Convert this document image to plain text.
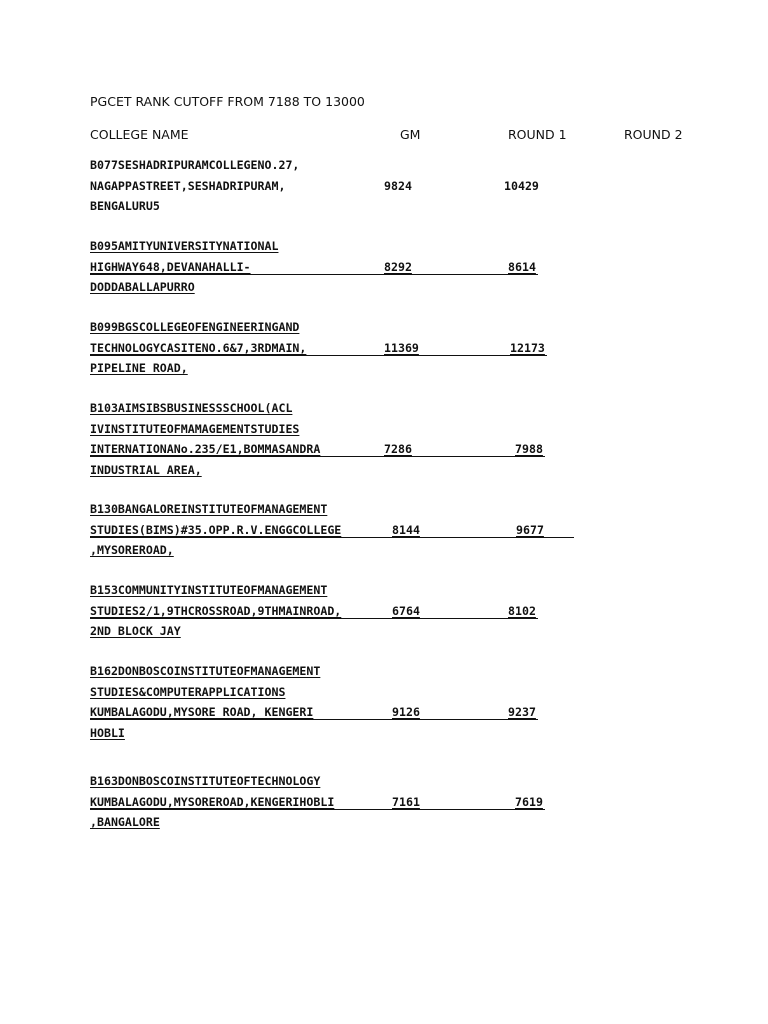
PGCET RANK CUTOFF FROM 7188 TO 13000
COLLEGE NAME	GM	ROUND 1	ROUND 2
B077SESHADRIPURAMCOLLEGENO.27,
NAGAPPASTREET,SESHADRIPURAM,	9824	10429
BENGALURU5
B095AMITYUNIVERSITYNATIONAL
HIGHWAY648,DEVANAHALLI-	8292	8614
DODDABALLAPURRO
B099BGSCOLLEGEOFENGINEERINGAND
TECHNOLOGYCASITENO.6&7,3RDMAIN,	11369	12173
PIPELINE ROAD,
B103AIMSIBSBUSINESSSCHOOL(ACL
IVINSTITUTEOFMAMAGEMENTSTUDIES
INTERNATIONANo.235/E1,BOMMASANDRA	7286	7988
INDUSTRIAL AREA,
B130BANGALOREINSTITUTEOFMANAGEMENT
STUDIES(BIMS)#35.OPP.R.V.ENGGCOLLEGE	8144	9677
,MYSOREROAD,
B153COMMUNITYINSTITUTEOFMANAGEMENT
STUDIES2/1,9THCROSSROAD,9THMAINROAD,	6764	8102
2ND BLOCK JAY
B162DONBOSCOINSTITUTEOFMANAGEMENT
STUDIES&COMPUTERAPPLICATIONS
KUMBALAGODU,MYSORE ROAD, KENGERI	9126	9237
HOBLI
B163DONBOSCOINSTITUTEOFTECHNOLOGY
KUMBALAGODU,MYSOREROAD,KENGERIHOBLI	7161	7619
,BANGALORE
